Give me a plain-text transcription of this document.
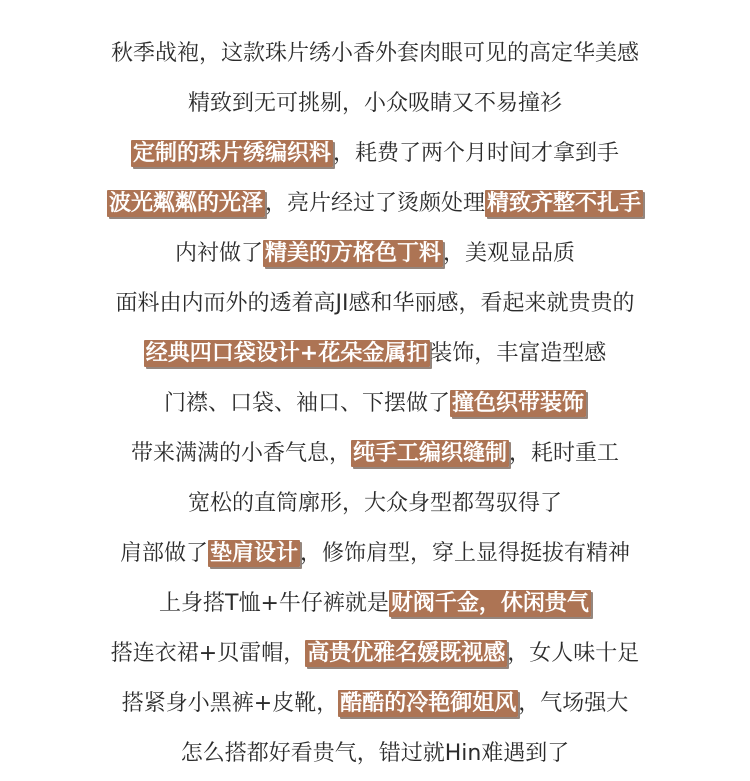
秋季战袍，这款珠片绣小香外套肉眼可见的高定华美感
精致到无可挑剔，小众吸睛又不易撞衫
定制的珠片绣编织料，耗费了两个月时间才拿到手
波光粼粼的光泽，亮片经过了烫颇处理精致齐整不扎手
内衬做了精美的方格色丁料，美观显品质
面料由内而外的透着高JI感和华丽感，看起来就贵贵的
经典四口袋设计+花朵金属扣装饰，丰富造型感
门襟、口袋、袖口、下摆做了撞色织带装饰
带来满满的小香气息，纯手工编织缝制，耗时重工
宽松的直筒廓形，大众身型都驾驭得了
肩部做了垫肩设计，修饰肩型，穿上显得挺拔有精神
上身搭T恤+牛仔裤就是财阀千金，休闲贵气
搭连衣裙+贝雷帽，高贵优雅名媛既视感，女人味十足
搭紧身小黑裤+皮靴，酷酷的冷艳御姐风，气场强大
怎么搭都好看贵气，错过就Hin难遇到了
